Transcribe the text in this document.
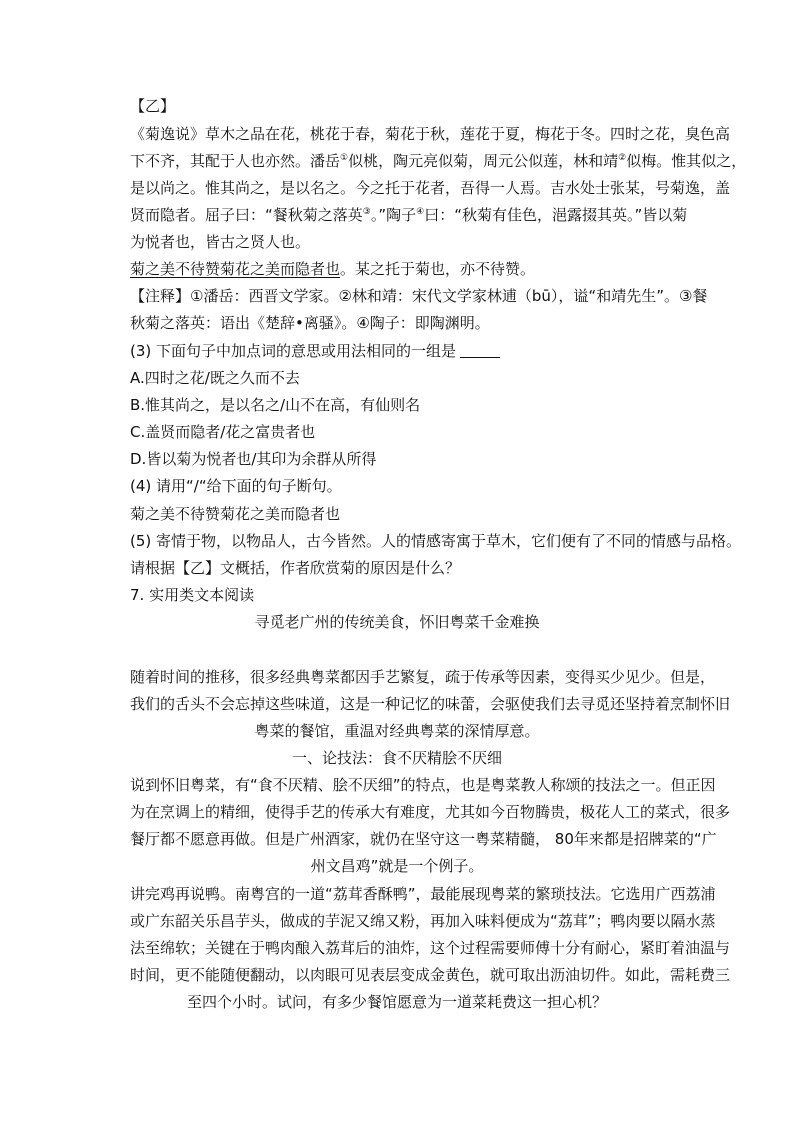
【乙】
《菊逸说》草木之品在花，桃花于春，菊花于秋，莲花于夏，梅花于冬。四时之花，臭色高
下不齐，其配于人也亦然。潘岳①似桃，陶元亮似菊，周元公似莲，林和靖②似梅。惟其似之，
是以尚之。惟其尚之，是以名之。今之托于花者，吾得一人焉。吉水处士张某，号菊逸，盖
贤而隐者。屈子曰：“餐秋菊之落英③。”陶子④曰：“秋菊有佳色，浥露掇其英。”皆以菊
为悦者也，皆古之贤人也。
菊之美不待赞菊花之美而隐者也。某之托于菊也，亦不待赞。
【注释】①潘岳：西晋文学家。②林和靖：宋代文学家林逋（bū），谥“和靖先生”。③餐
秋菊之落英：语出《楚辞•离骚》。④陶子：即陶渊明。
(3) 下面句子中加点词的意思或用法相同的一组是
A.四时之花/既之久而不去
B.惟其尚之，是以名之/山不在高，有仙则名
C.盖贤而隐者/花之富贵者也
D.皆以菊为悦者也/其印为余群从所得
(4) 请用“/“给下面的句子断句。
菊之美不待赞菊花之美而隐者也
(5) 寄情于物，以物品人，古今皆然。人的情感寄寓于草木，它们便有了不同的情感与品格。
请根据【乙】文概括，作者欣赏菊的原因是什么？
7. 实用类文本阅读
寻觅老广州的传统美食，怀旧粤菜千金难换
随着时间的推移，很多经典粤菜都因手艺繁复，疏于传承等因素，变得买少见少。但是，
我们的舌头不会忘掉这些味道，这是一种记忆的味蕾，会驱使我们去寻觅还坚持着烹制怀旧
粤菜的餐馆，重温对经典粤菜的深情厚意。
一、论技法：食不厌精脍不厌细
说到怀旧粤菜，有“食不厌精、脍不厌细”的特点，也是粤菜教人称颂的技法之一。但正因
为在烹调上的精细，使得手艺的传承大有难度，尤其如今百物腾贵，极花人工的菜式，很多
餐厅都不愿意再做。但是广州酒家，就仍在坚守这一粤菜精髓， 80年来都是招牌菜的“广
州文昌鸡”就是一个例子。
讲完鸡再说鸭。南粤宫的一道“荔茸香酥鸭”，最能展现粤菜的繁琐技法。它选用广西荔浦
或广东韶关乐昌芋头，做成的芋泥又绵又粉，再加入味料便成为“荔茸”；鸭肉要以隔水蒸
法至绵软；关键在于鸭肉酿入荔茸后的油炸，这个过程需要师傅十分有耐心，紧盯着油温与
时间，更不能随便翻动，以肉眼可见表层变成金黄色，就可取出沥油切件。如此，需耗费三
至四个小时。试问，有多少餐馆愿意为一道菜耗费这一担心机？
